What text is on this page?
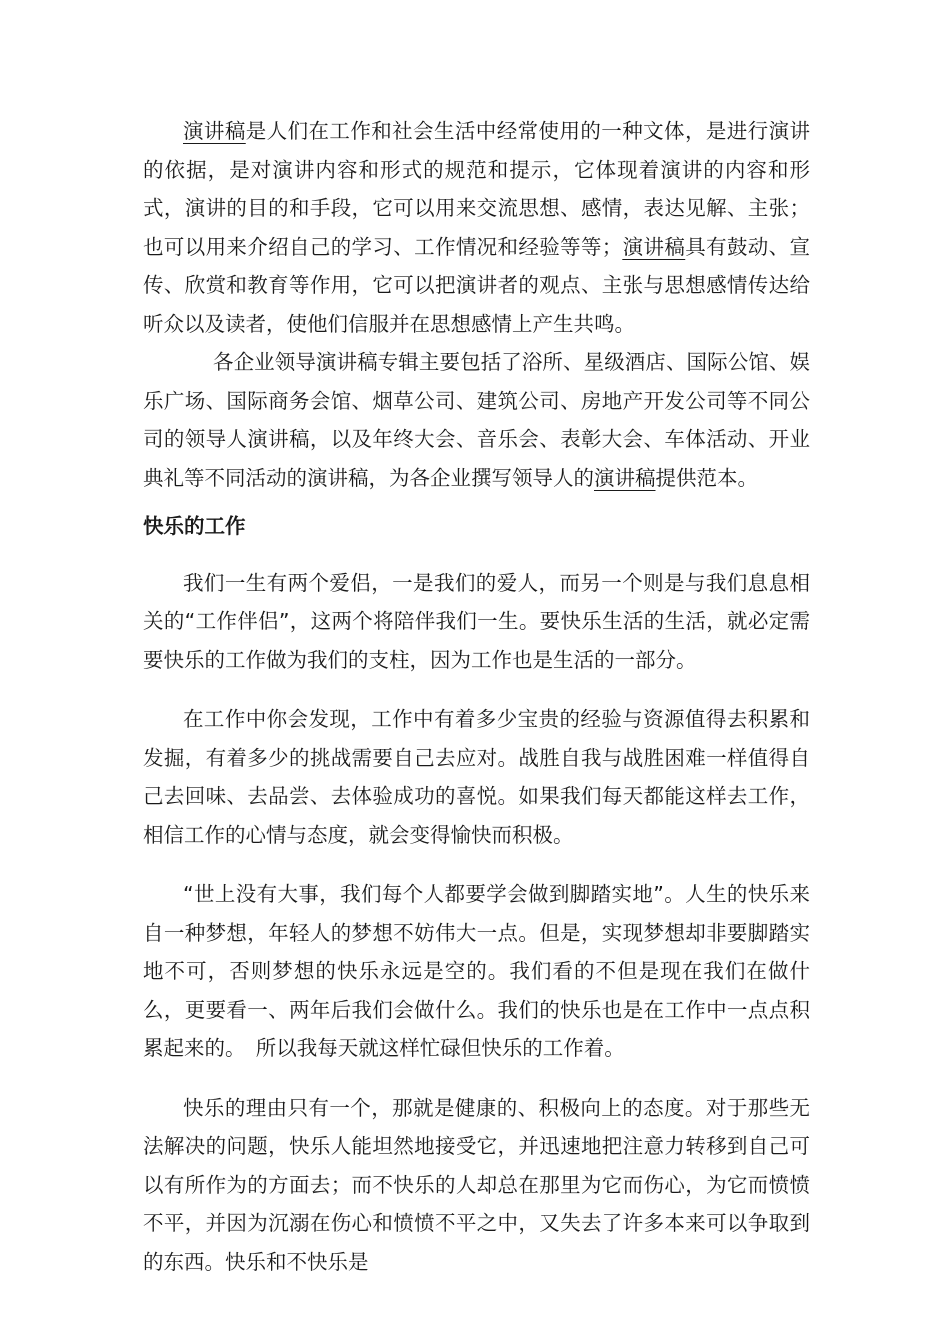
演讲稿是人们在工作和社会生活中经常使用的一种文体，是进行演讲的依据，是对演讲内容和形式的规范和提示，它体现着演讲的内容和形式，演讲的目的和手段，它可以用来交流思想、感情，表达见解、主张；也可以用来介绍自己的学习、工作情况和经验等等；演讲稿具有鼓动、宣传、欣赏和教育等作用，它可以把演讲者的观点、主张与思想感情传达给听众以及读者，使他们信服并在思想感情上产生共鸣。

各企业领导演讲稿专辑主要包括了浴所、星级酒店、国际公馆、娱乐广场、国际商务会馆、烟草公司、建筑公司、房地产开发公司等不同公司的领导人演讲稿，以及年终大会、音乐会、表彰大会、车体活动、开业典礼等不同活动的演讲稿，为各企业撰写领导人的演讲稿提供范本。

快乐的工作

我们一生有两个爱侣，一是我们的爱人，而另一个则是与我们息息相关的“工作伴侣”，这两个将陪伴我们一生。要快乐生活的生活，就必定需要快乐的工作做为我们的支柱，因为工作也是生活的一部分。

在工作中你会发现，工作中有着多少宝贵的经验与资源值得去积累和发掘，有着多少的挑战需要自己去应对。战胜自我与战胜困难一样值得自己去回味、去品尝、去体验成功的喜悦。如果我们每天都能这样去工作，相信工作的心情与态度，就会变得愉快而积极。

“世上没有大事，我们每个人都要学会做到脚踏实地”。人生的快乐来自一种梦想，年轻人的梦想不妨伟大一点。但是，实现梦想却非要脚踏实地不可，否则梦想的快乐永远是空的。我们看的不但是现在我们在做什么，更要看一、两年后我们会做什么。我们的快乐也是在工作中一点点积累起来的。　所以我每天就这样忙碌但快乐的工作着。

快乐的理由只有一个，那就是健康的、积极向上的态度。对于那些无法解决的问题，快乐人能坦然地接受它，并迅速地把注意力转移到自己可以有所作为的方面去；而不快乐的人却总在那里为它而伤心，为它而愤愤不平，并因为沉溺在伤心和愤愤不平之中，又失去了许多本来可以争取到的东西。快乐和不快乐是
